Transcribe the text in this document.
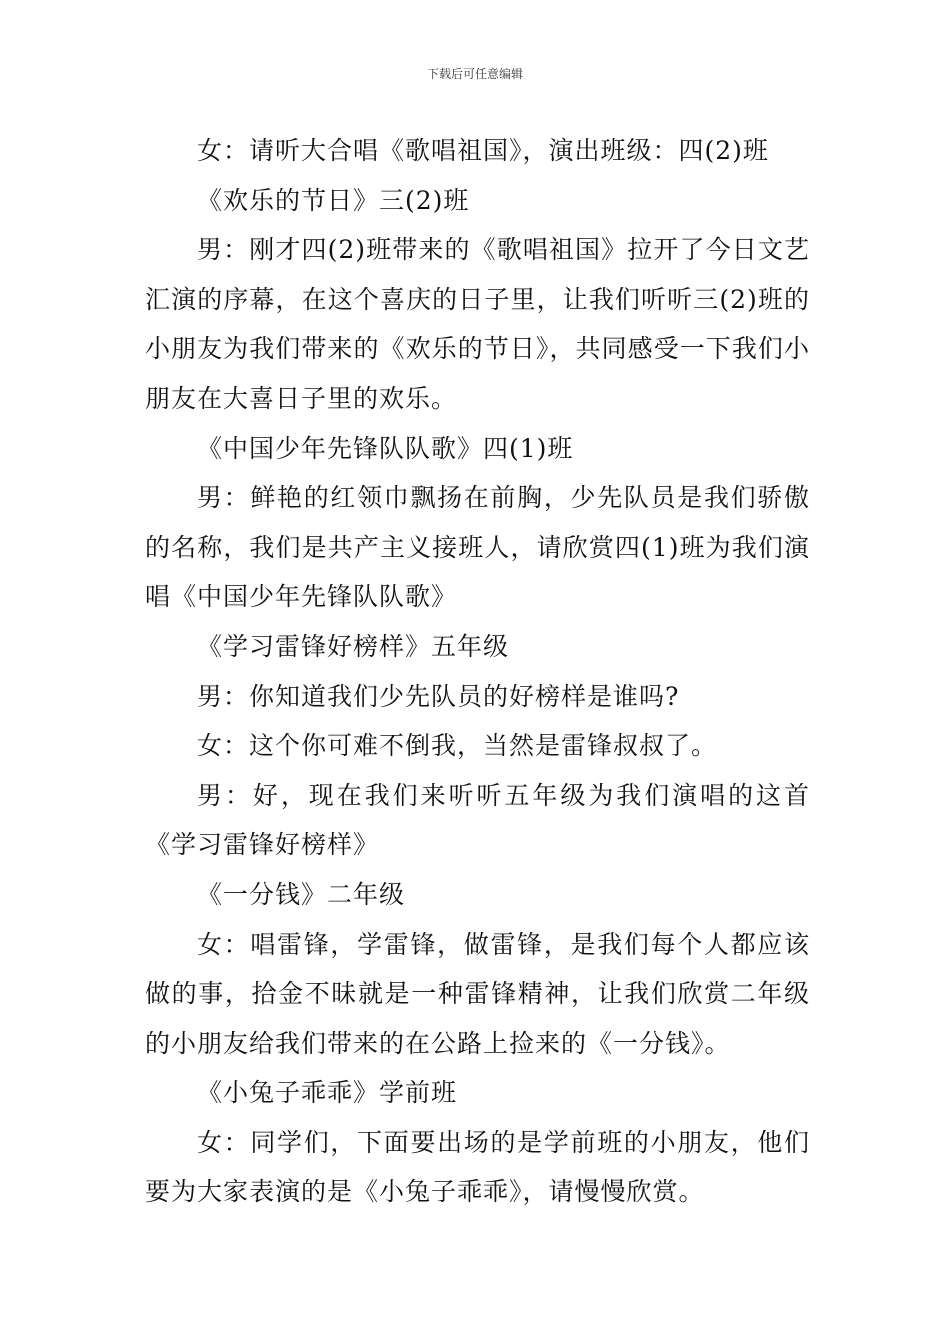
下载后可任意编辑

女：请听大合唱《歌唱祖国》，演出班级：四(2)班

《欢乐的节日》三(2)班

男：刚才四(2)班带来的《歌唱祖国》拉开了今日文艺汇演的序幕，在这个喜庆的日子里，让我们听听三(2)班的小朋友为我们带来的《欢乐的节日》，共同感受一下我们小朋友在大喜日子里的欢乐。

《中国少年先锋队队歌》四(1)班

男：鲜艳的红领巾飘扬在前胸，少先队员是我们骄傲的名称，我们是共产主义接班人，请欣赏四(1)班为我们演唱《中国少年先锋队队歌》

《学习雷锋好榜样》五年级

男：你知道我们少先队员的好榜样是谁吗?

女：这个你可难不倒我，当然是雷锋叔叔了。

男：好，现在我们来听听五年级为我们演唱的这首《学习雷锋好榜样》

《一分钱》二年级

女：唱雷锋，学雷锋，做雷锋，是我们每个人都应该做的事，拾金不昧就是一种雷锋精神，让我们欣赏二年级的小朋友给我们带来的在公路上捡来的《一分钱》。

《小兔子乖乖》学前班

女：同学们，下面要出场的是学前班的小朋友，他们要为大家表演的是《小兔子乖乖》，请慢慢欣赏。
